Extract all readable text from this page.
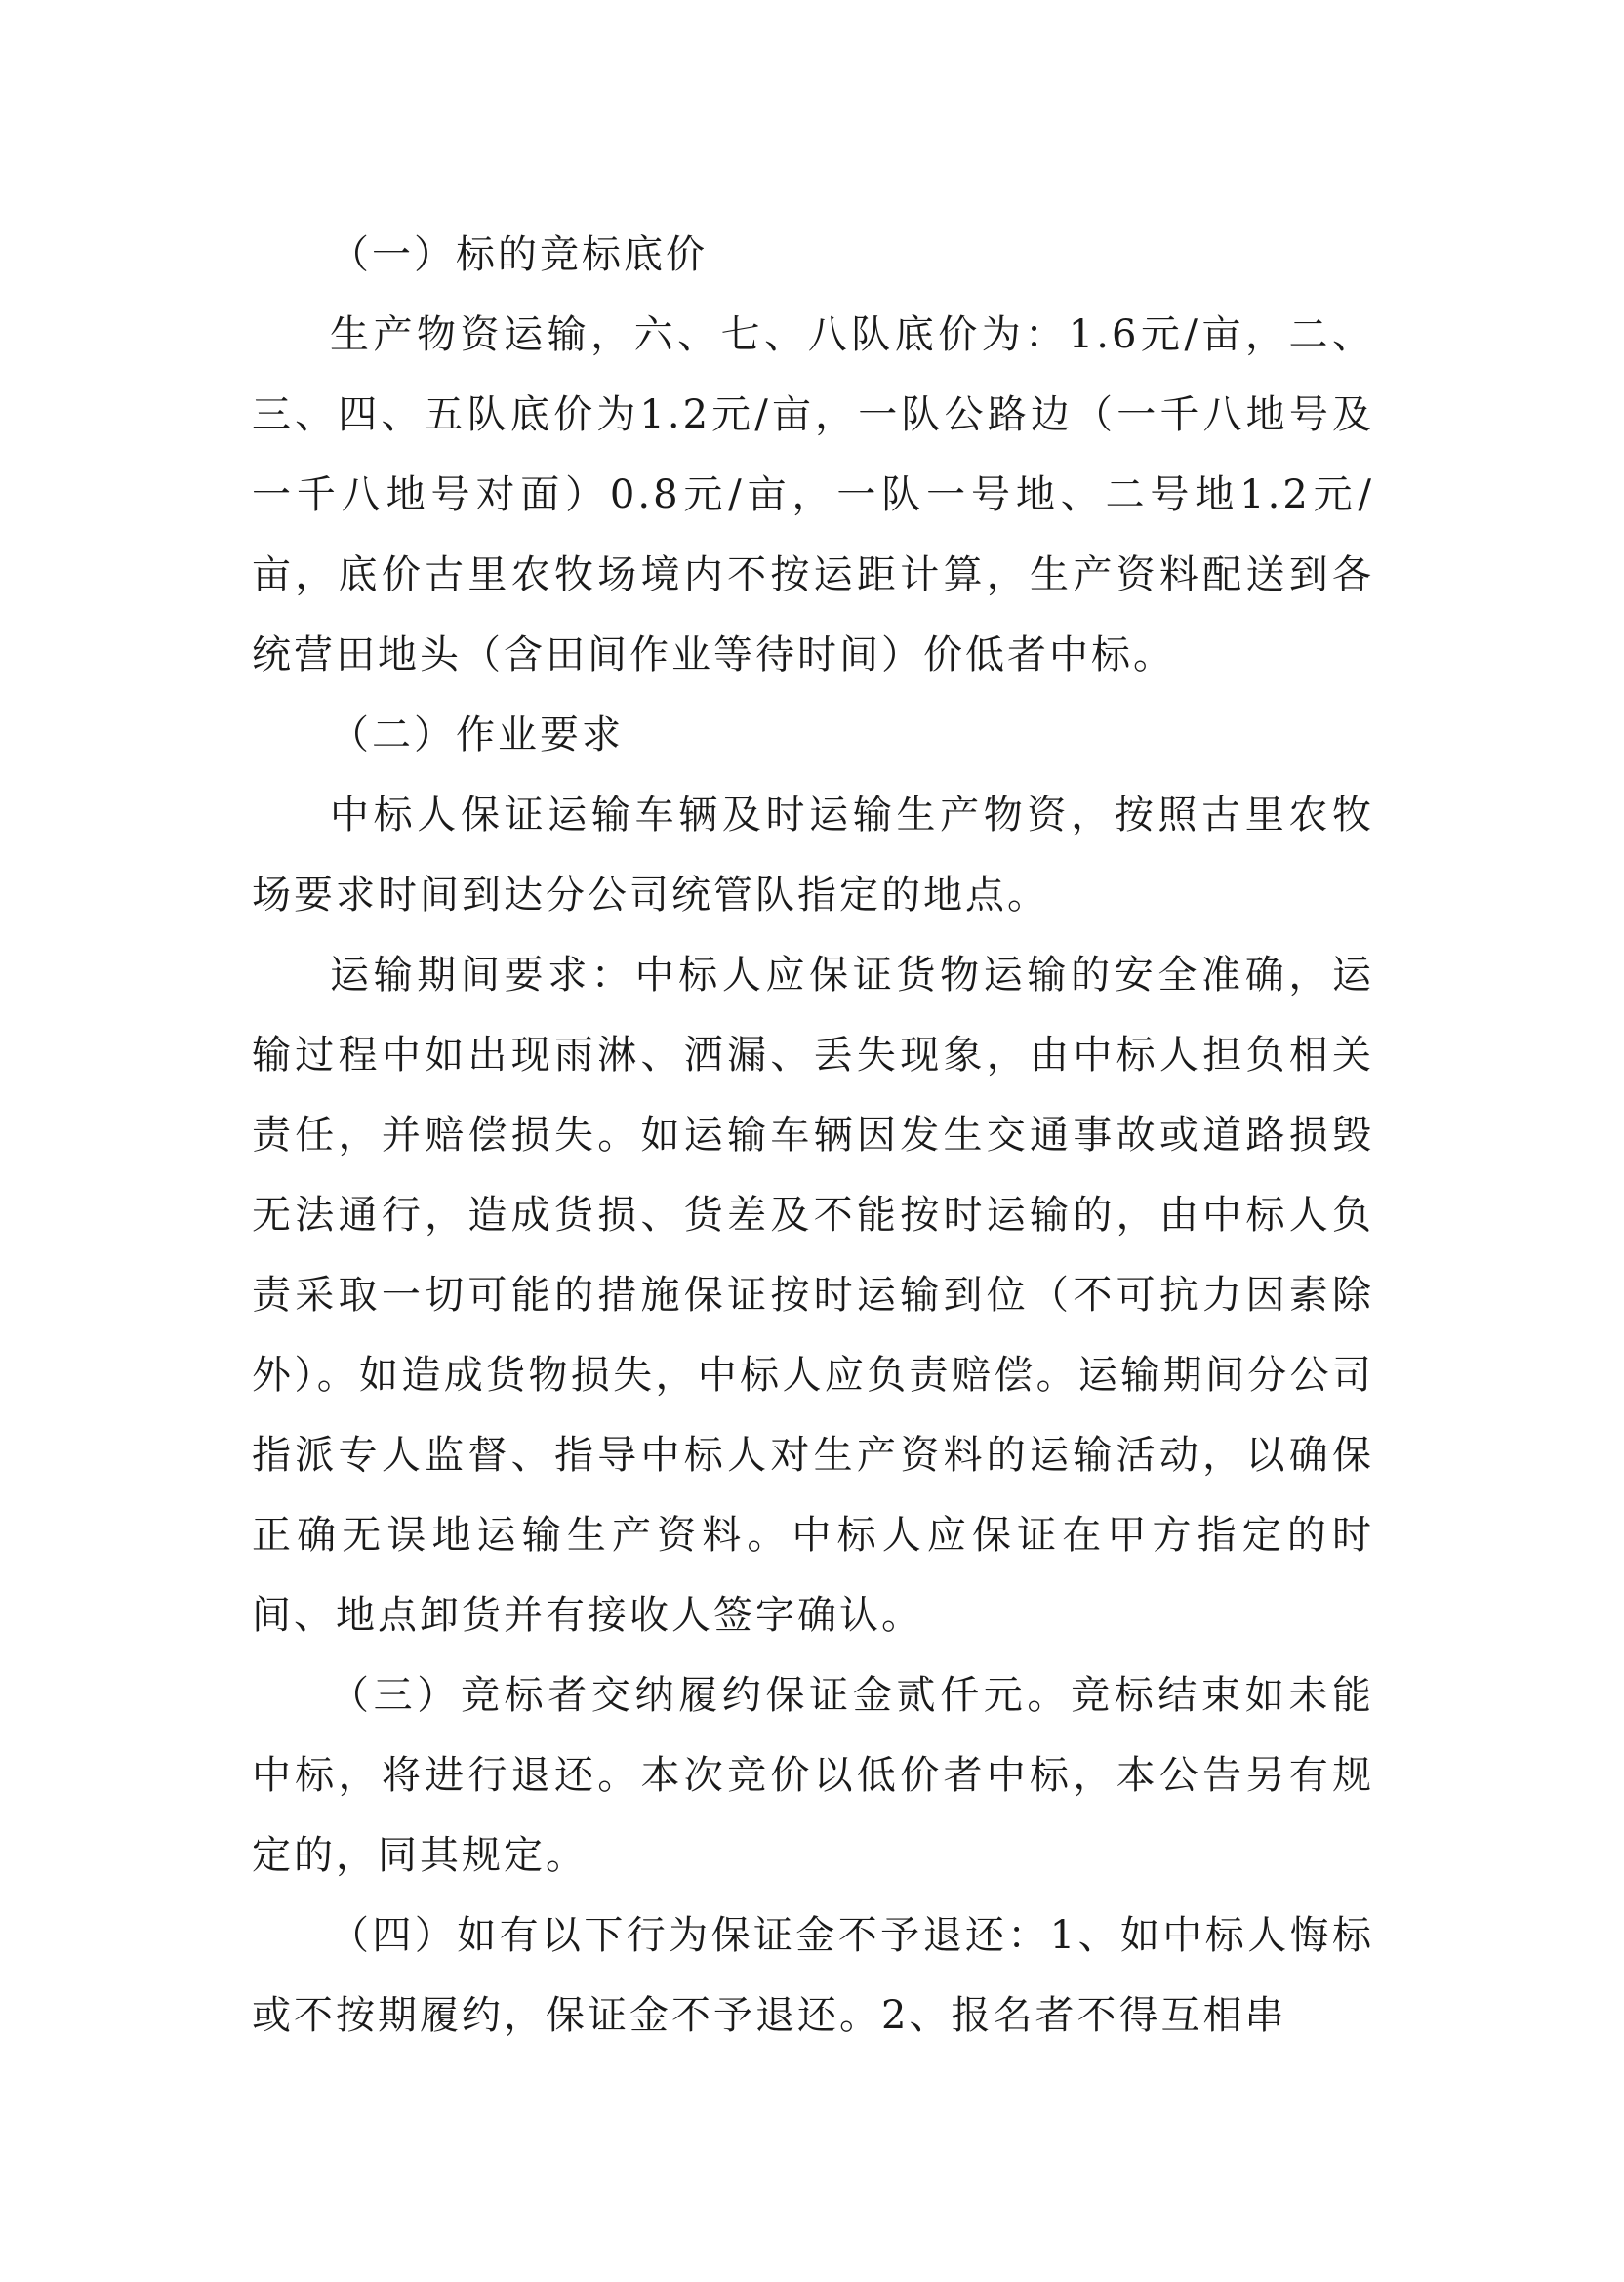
（一）标的竞标底价

生产物资运输，六、七、八队底价为：1.6元/亩，二、三、四、五队底价为1.2元/亩，一队公路边（一千八地号及一千八地号对面）0.8元/亩，一队一号地、二号地1.2元/亩，底价古里农牧场境内不按运距计算，生产资料配送到各统营田地头（含田间作业等待时间）价低者中标。

（二）作业要求

中标人保证运输车辆及时运输生产物资，按照古里农牧场要求时间到达分公司统管队指定的地点。

运输期间要求：中标人应保证货物运输的安全准确，运输过程中如出现雨淋、洒漏、丢失现象，由中标人担负相关责任，并赔偿损失。如运输车辆因发生交通事故或道路损毁无法通行，造成货损、货差及不能按时运输的，由中标人负责采取一切可能的措施保证按时运输到位（不可抗力因素除外）。如造成货物损失，中标人应负责赔偿。运输期间分公司指派专人监督、指导中标人对生产资料的运输活动，以确保正确无误地运输生产资料。中标人应保证在甲方指定的时间、地点卸货并有接收人签字确认。

（三）竞标者交纳履约保证金贰仟元。竞标结束如未能中标，将进行退还。本次竞价以低价者中标，本公告另有规定的，同其规定。

（四）如有以下行为保证金不予退还：1、如中标人悔标或不按期履约，保证金不予退还。2、报名者不得互相串
